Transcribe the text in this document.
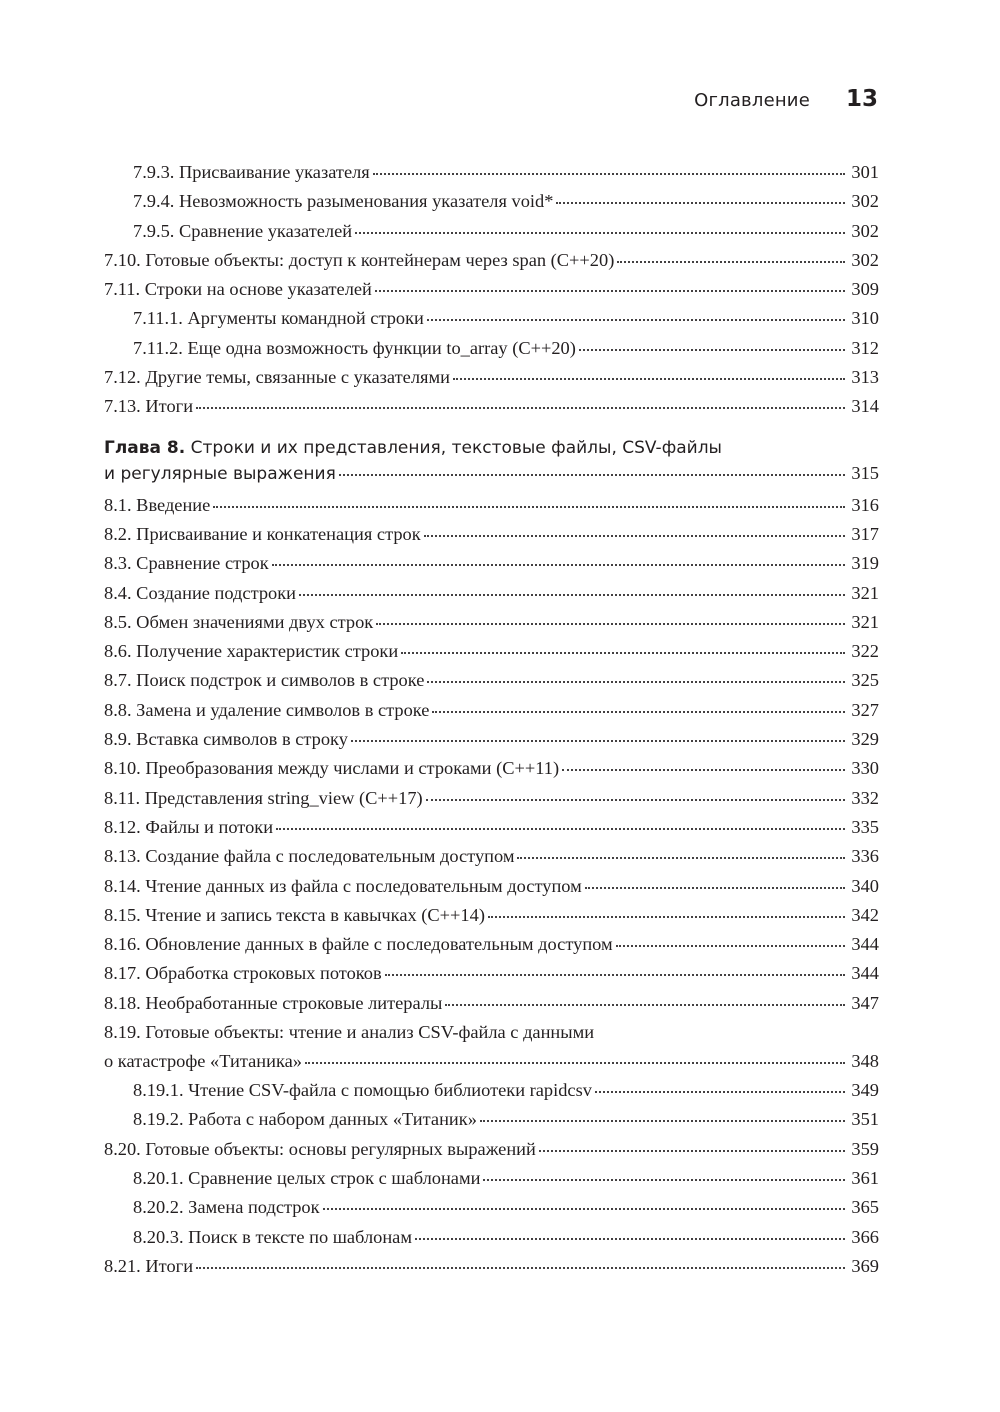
Оглавление 13
7.9.3. Присваивание указателя	301
7.9.4. Невозможность разыменования указателя void*	302
7.9.5. Сравнение указателей	302
7.10. Готовые объекты: доступ к контейнерам через span (C++20)	302
7.11. Строки на основе указателей	309
7.11.1. Аргументы командной строки	310
7.11.2. Еще одна возможность функции to_array (C++20)	312
7.12. Другие темы, связанные с указателями	313
7.13. Итоги	314
Глава 8. Строки и их представления, текстовые файлы, CSV-файлы
и регулярные выражения	315
8.1. Введение	316
8.2. Присваивание и конкатенация строк	317
8.3. Сравнение строк	319
8.4. Создание подстроки	321
8.5. Обмен значениями двух строк	321
8.6. Получение характеристик строки	322
8.7. Поиск подстрок и символов в строке	325
8.8. Замена и удаление символов в строке	327
8.9. Вставка символов в строку	329
8.10. Преобразования между числами и строками (C++11)	330
8.11. Представления string_view (C++17)	332
8.12. Файлы и потоки	335
8.13. Создание файла с последовательным доступом	336
8.14. Чтение данных из файла с последовательным доступом	340
8.15. Чтение и запись текста в кавычках (C++14)	342
8.16. Обновление данных в файле с последовательным доступом	344
8.17. Обработка строковых потоков	344
8.18. Необработанные строковые литералы	347
8.19. Готовые объекты: чтение и анализ CSV-файла с данными
о катастрофе «Титаника»	348
8.19.1. Чтение CSV-файла с помощью библиотеки rapidcsv	349
8.19.2. Работа с набором данных «Титаник»	351
8.20. Готовые объекты: основы регулярных выражений	359
8.20.1. Сравнение целых строк с шаблонами	361
8.20.2. Замена подстрок	365
8.20.3. Поиск в тексте по шаблонам	366
8.21. Итоги	369
